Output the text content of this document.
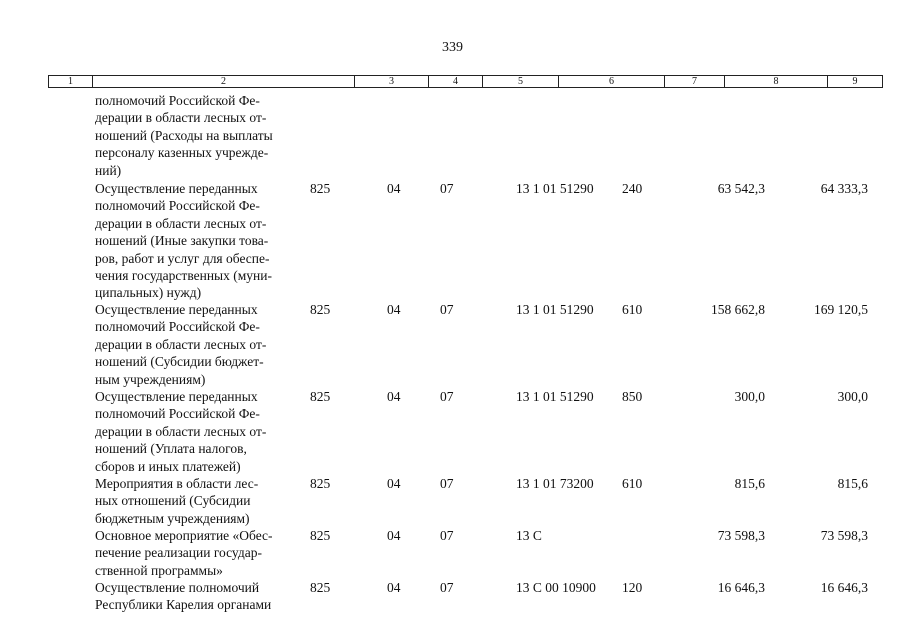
339
1	2	3	4	5	6	7	8	9
полномочий Российской Фе-
дерации в области лесных от-
ношений (Расходы на выплаты
персоналу казенных учрежде-
ний)
Осуществление переданных
полномочий Российской Фе-
дерации в области лесных от-
ношений (Иные закупки това-
ров, работ и услуг для обеспе-
чения государственных (муни-
ципальных) нужд)
825	04	07	13 1 01 51290 240	63 542,3	64 333,3
Осуществление переданных
полномочий Российской Фе-
дерации в области лесных от-
ношений (Субсидии бюджет-
ным учреждениям)
825	04	07	13 1 01 51290 610	158 662,8	169 120,5
Осуществление переданных
полномочий Российской Фе-
дерации в области лесных от-
ношений (Уплата налогов,
сборов и иных платежей)
825	04	07	13 1 01 51290 850	300,0	300,0
Мероприятия в области лес-
ных отношений (Субсидии
бюджетным учреждениям)
825	04	07	13 1 01 73200 610	815,6	815,6
Основное мероприятие «Обес-
печение реализации государ-
ственной программы»
825	04	07	13 С	73 598,3	73 598,3
Осуществление полномочий
Республики Карелия органами
825	04	07	13 С 00 10900 120	16 646,3	16 646,3
